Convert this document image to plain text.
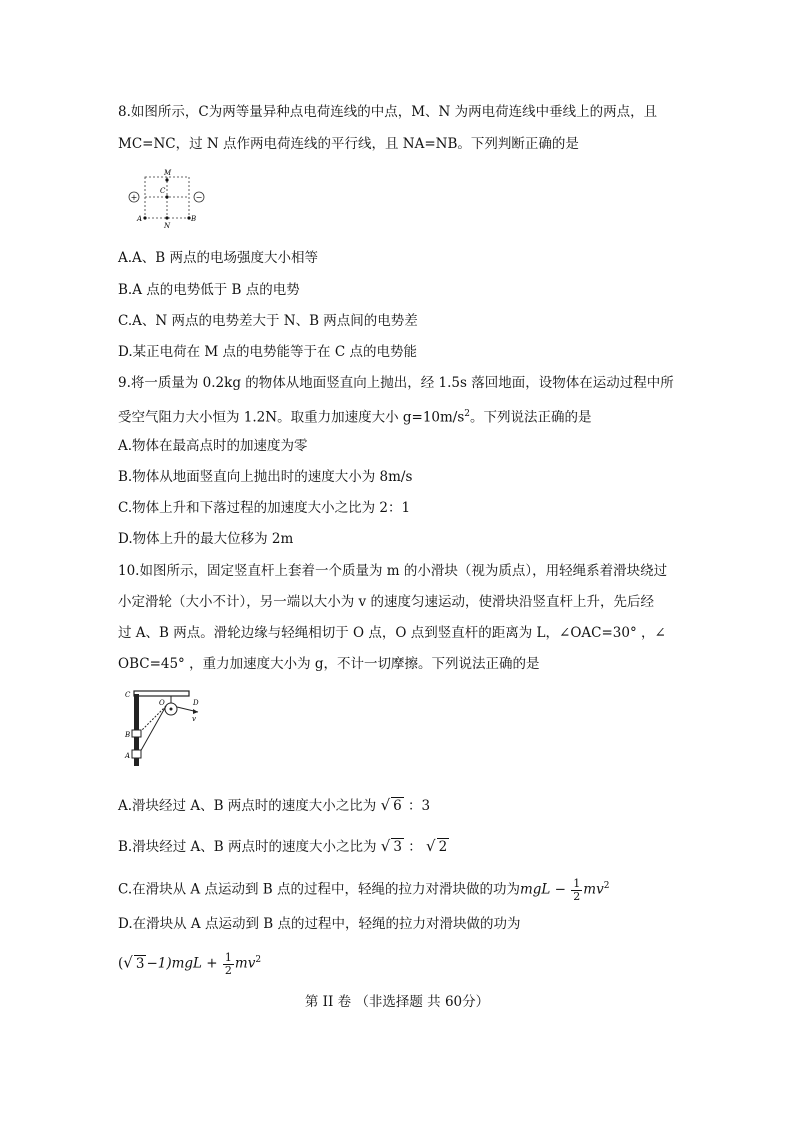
8.如图所示，C为两等量异种点电荷连线的中点，M、N 为两电荷连线中垂线上的两点，且
MC=NC，过 N 点作两电荷连线的平行线，且 NA=NB。下列判断正确的是
+	−
M
C
N
A	B
A.A、B 两点的电场强度大小相等
B.A 点的电势低于 B 点的电势
C.A、N 两点的电势差大于 N、B 两点间的电势差
D.某正电荷在 M 点的电势能等于在 C 点的电势能
9.将一质量为 0.2kg 的物体从地面竖直向上抛出，经 1.5s 落回地面，设物体在运动过程中所
受空气阻力大小恒为 1.2N。取重力加速度大小 $g=10m/s^2$。下列说法正确的是
A.物体在最高点时的加速度为零
B.物体从地面竖直向上抛出时的速度大小为 8m/s
C.物体上升和下落过程的加速度大小之比为 2：1
D.物体上升的最大位移为 2m
10.如图所示，固定竖直杆上套着一个质量为 m 的小滑块（视为质点），用轻绳系着滑块绕过
小定滑轮（大小不计），另一端以大小为 v 的速度匀速运动，使滑块沿竖直杆上升，先后经
过 A、B 两点。滑轮边缘与轻绳相切于 O 点，O 点到竖直杆的距离为 L，∠OAC=30° ，∠
OBC=45° ，重力加速度大小为 g，不计一切摩擦。下列说法正确的是
C
O	D
v
B
A
A.滑块经过 A、B 两点时的速度大小之比为 √ 6 ：3
B.滑块经过 A、B 两点时的速度大小之比为 √ 3 ： √ 2
C.在滑块从 A 点运动到 B 点的过程中，轻绳的拉力对滑块做的功为mgL − $\frac{1}{2} mv^2$
D.在滑块从 A 点运动到 B 点的过程中，轻绳的拉力对滑块做的功为
(√ $3 -1)mgL + \frac{1}{2} mv^2$
第 II 卷 （非选择题 共 60分）
